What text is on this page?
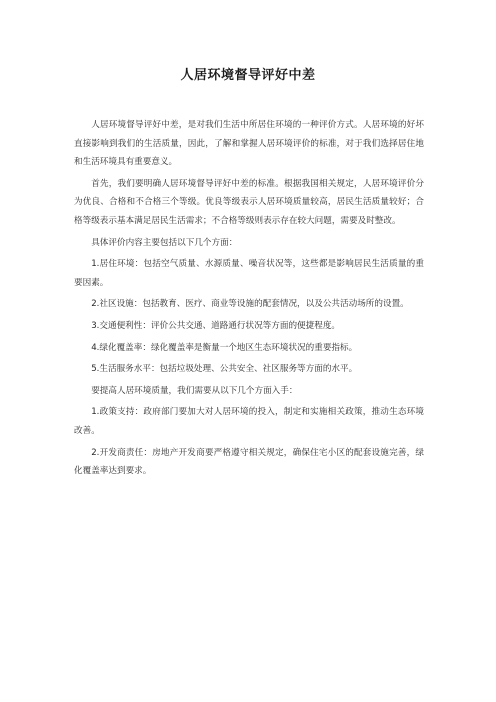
人居环境督导评好中差

人居环境督导评好中差，是对我们生活中所居住环境的一种评价方式。人居环境的好坏直接影响到我们的生活质量，因此，了解和掌握人居环境评价的标准，对于我们选择居住地和生活环境具有重要意义。

首先，我们要明确人居环境督导评好中差的标准。根据我国相关规定，人居环境评价分为优良、合格和不合格三个等级。优良等级表示人居环境质量较高，居民生活质量较好；合格等级表示基本满足居民生活需求；不合格等级则表示存在较大问题，需要及时整改。

具体评价内容主要包括以下几个方面：

1.居住环境：包括空气质量、水源质量、噪音状况等，这些都是影响居民生活质量的重要因素。

2.社区设施：包括教育、医疗、商业等设施的配套情况，以及公共活动场所的设置。

3.交通便利性：评价公共交通、道路通行状况等方面的便捷程度。

4.绿化覆盖率：绿化覆盖率是衡量一个地区生态环境状况的重要指标。

5.生活服务水平：包括垃圾处理、公共安全、社区服务等方面的水平。

要提高人居环境质量，我们需要从以下几个方面入手：

1.政策支持：政府部门要加大对人居环境的投入，制定和实施相关政策，推动生态环境改善。

2.开发商责任：房地产开发商要严格遵守相关规定，确保住宅小区的配套设施完善，绿化覆盖率达到要求。
